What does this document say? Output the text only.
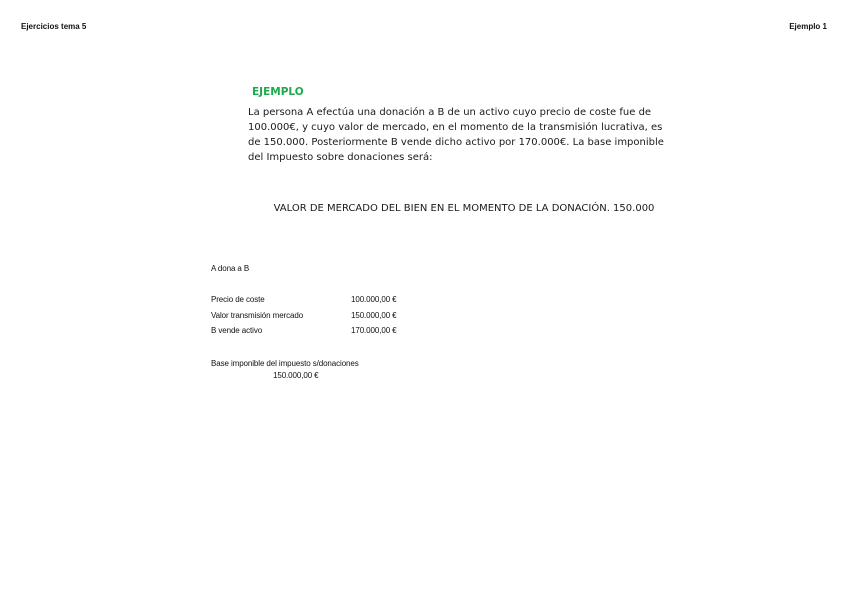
Ejercicios tema 5	Ejemplo 1
EJEMPLO
La persona A efectúa una donación a B de un activo cuyo precio de coste fue de 100.000€, y cuyo valor de mercado, en el momento de la transmisión lucrativa, es de 150.000. Posteriormente B vende dicho activo por 170.000€. La base imponible del Impuesto sobre donaciones será:
VALOR DE MERCADO DEL BIEN EN EL MOMENTO DE LA DONACIÓN. 150.000
A dona a B
Precio de coste	100.000,00 €
Valor transmisión mercado	150.000,00 €
B vende activo	170.000,00 €
Base imponible del impuesto s/donaciones
150.000,00 €
